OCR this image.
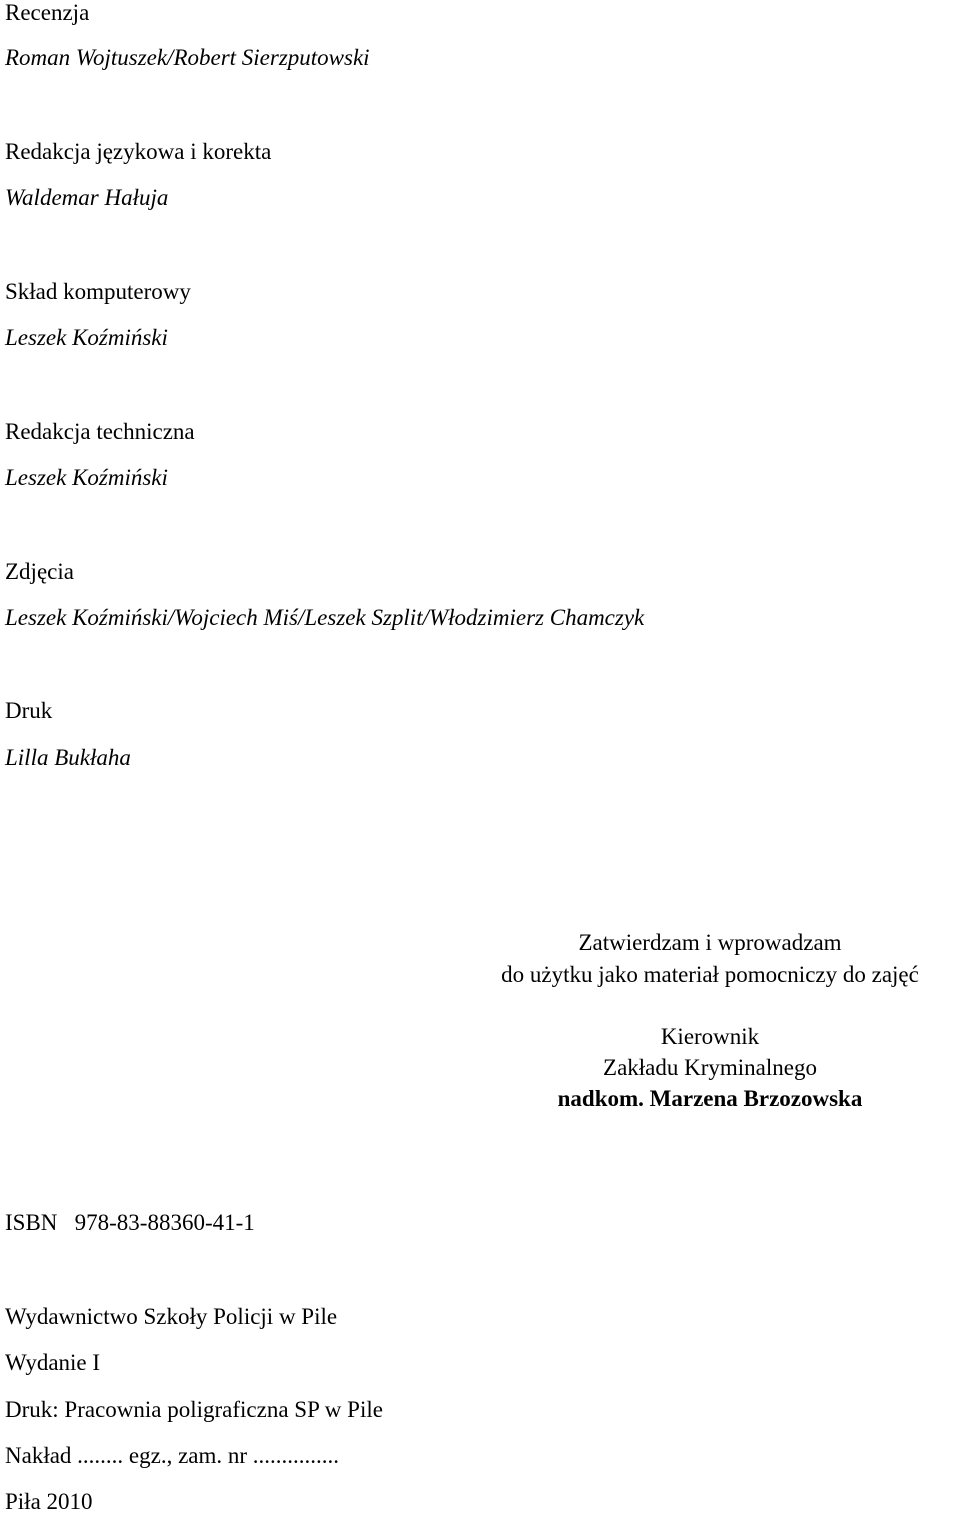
Recenzja

Roman Wojtuszek/Robert Sierzputowski

Redakcja językowa i korekta

Waldemar Hałuja

Skład komputerowy

Leszek Koźmiński

Redakcja techniczna

Leszek Koźmiński

Zdjęcia

Leszek Koźmiński/Wojciech Miś/Leszek Szplit/Włodzimierz Chamczyk

Druk

Lilla Bukłaha

Zatwierdzam i wprowadzam

do użytku jako materiał pomocniczy do zajęć

Kierownik

Zakładu Kryminalnego

nadkom. Marzena Brzozowska

ISBN   978-83-88360-41-1

Wydawnictwo Szkoły Policji w Pile

Wydanie I

Druk: Pracownia poligraficzna SP w Pile

Nakład ........ egz., zam. nr ...............

Piła 2010
